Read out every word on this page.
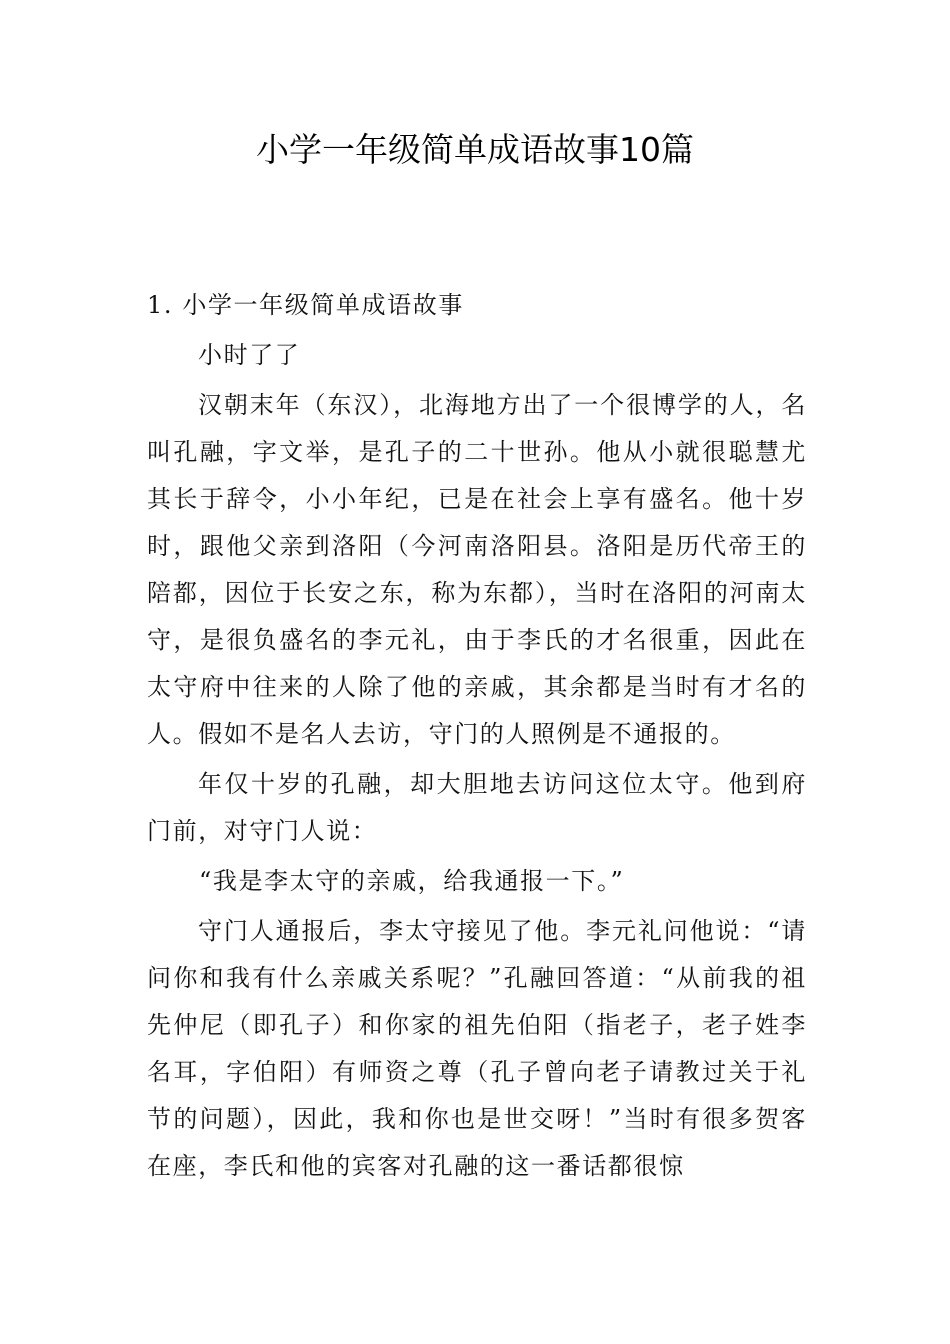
小学一年级简单成语故事10篇

1. 小学一年级简单成语故事

小时了了

汉朝末年（东汉），北海地方出了一个很博学的人，名叫孔融，字文举，是孔子的二十世孙。他从小就很聪慧尤其长于辞令，小小年纪，已是在社会上享有盛名。他十岁时，跟他父亲到洛阳（今河南洛阳县。洛阳是历代帝王的陪都，因位于长安之东，称为东都），当时在洛阳的河南太守，是很负盛名的李元礼，由于李氏的才名很重，因此在太守府中往来的人除了他的亲戚，其余都是当时有才名的人。假如不是名人去访，守门的人照例是不通报的。

年仅十岁的孔融，却大胆地去访问这位太守。他到府门前，对守门人说：

“我是李太守的亲戚，给我通报一下。”

守门人通报后，李太守接见了他。李元礼问他说：“请问你和我有什么亲戚关系呢？”孔融回答道：“从前我的祖先仲尼（即孔子）和你家的祖先伯阳（指老子，老子姓李名耳，字伯阳）有师资之尊（孔子曾向老子请教过关于礼节的问题），因此，我和你也是世交呀！”当时有很多贺客在座，李氏和他的宾客对孔融的这一番话都很惊
